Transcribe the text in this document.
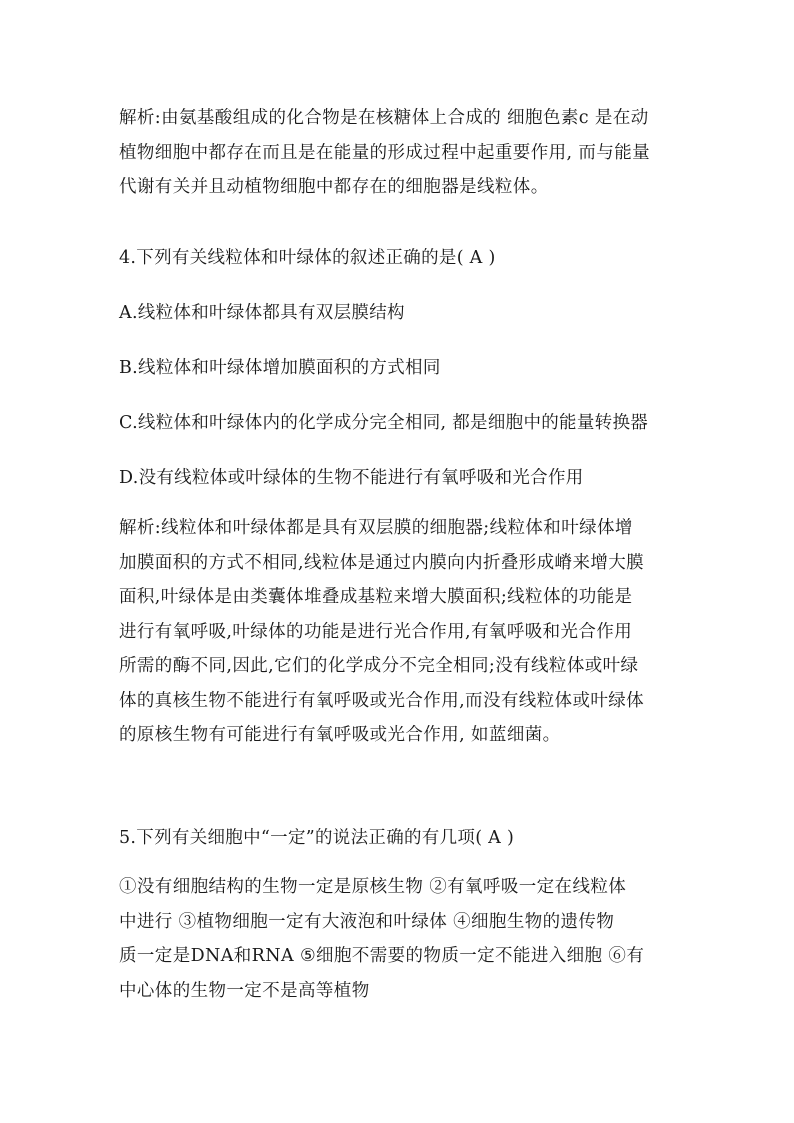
解析:由氨基酸组成的化合物是在核糖体上合成的 细胞色素c 是在动
植物细胞中都存在而且是在能量的形成过程中起重要作用, 而与能量
代谢有关并且动植物细胞中都存在的细胞器是线粒体。
4.下列有关线粒体和叶绿体的叙述正确的是( A )
A.线粒体和叶绿体都具有双层膜结构
B.线粒体和叶绿体增加膜面积的方式相同
C.线粒体和叶绿体内的化学成分完全相同, 都是细胞中的能量转换器
D.没有线粒体或叶绿体的生物不能进行有氧呼吸和光合作用
解析:线粒体和叶绿体都是具有双层膜的细胞器;线粒体和叶绿体增
加膜面积的方式不相同,线粒体是通过内膜向内折叠形成嵴来增大膜
面积,叶绿体是由类囊体堆叠成基粒来增大膜面积;线粒体的功能是
进行有氧呼吸,叶绿体的功能是进行光合作用,有氧呼吸和光合作用
所需的酶不同,因此,它们的化学成分不完全相同;没有线粒体或叶绿
体的真核生物不能进行有氧呼吸或光合作用,而没有线粒体或叶绿体
的原核生物有可能进行有氧呼吸或光合作用, 如蓝细菌。
5.下列有关细胞中“一定”的说法正确的有几项( A )
①没有细胞结构的生物一定是原核生物 ②有氧呼吸一定在线粒体
中进行 ③植物细胞一定有大液泡和叶绿体 ④细胞生物的遗传物
质一定是DNA和RNA ⑤细胞不需要的物质一定不能进入细胞 ⑥有
中心体的生物一定不是高等植物
